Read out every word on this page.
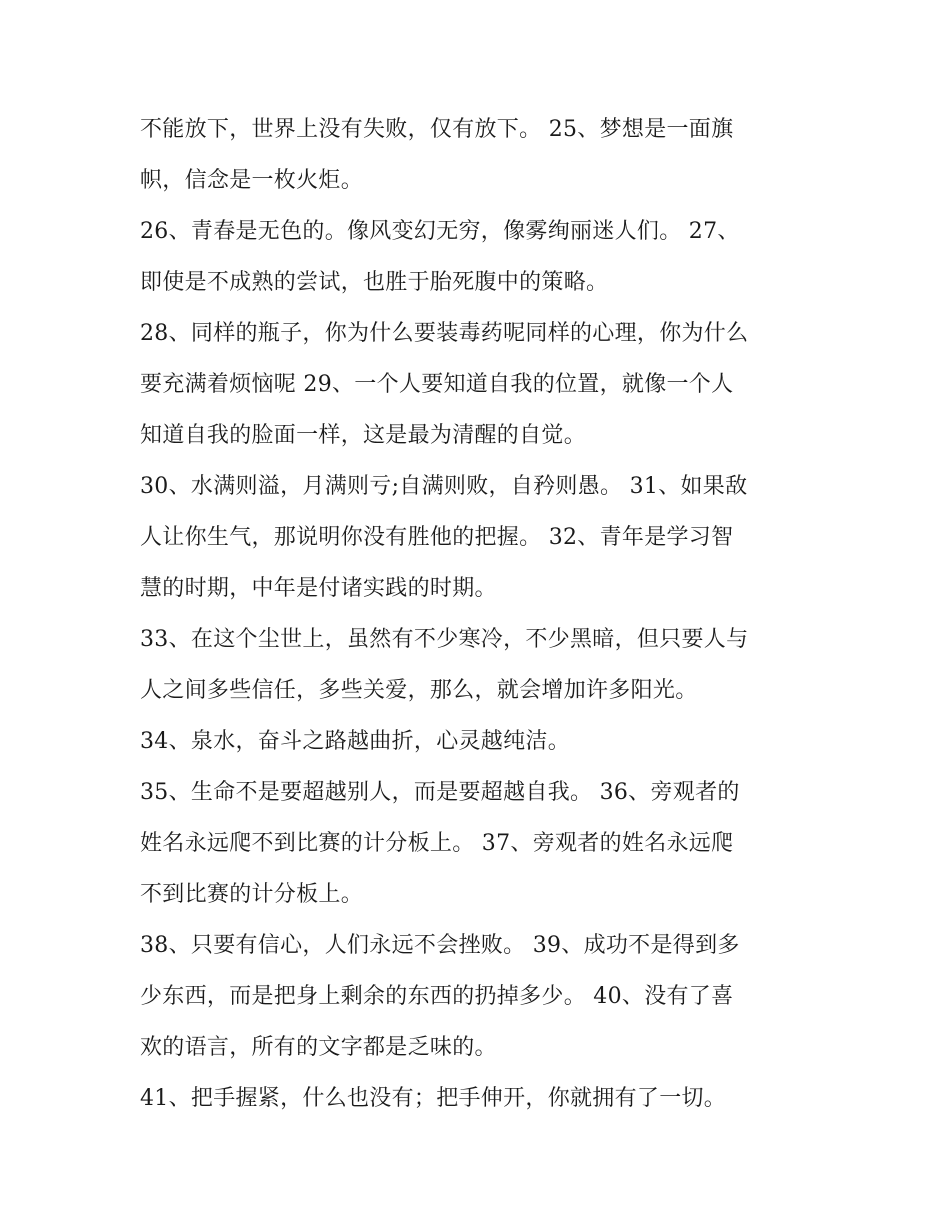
不能放下，世界上没有失败，仅有放下。 25、梦想是一面旗
帜，信念是一枚火炬。
26、青春是无色的。像风变幻无穷，像雾绚丽迷人们。 27、
即使是不成熟的尝试，也胜于胎死腹中的策略。
28、同样的瓶子，你为什么要装毒药呢同样的心理，你为什么
要充满着烦恼呢 29、一个人要知道自我的位置，就像一个人
知道自我的脸面一样，这是最为清醒的自觉。
30、水满则溢，月满则亏;自满则败，自矜则愚。 31、如果敌
人让你生气，那说明你没有胜他的把握。 32、青年是学习智
慧的时期，中年是付诸实践的时期。
33、在这个尘世上，虽然有不少寒冷，不少黑暗，但只要人与
人之间多些信任，多些关爱，那么，就会增加许多阳光。
34、泉水，奋斗之路越曲折，心灵越纯洁。
35、生命不是要超越别人，而是要超越自我。 36、旁观者的
姓名永远爬不到比赛的计分板上。 37、旁观者的姓名永远爬
不到比赛的计分板上。
38、只要有信心，人们永远不会挫败。 39、成功不是得到多
少东西，而是把身上剩余的东西的扔掉多少。 40、没有了喜
欢的语言，所有的文字都是乏味的。
41、把手握紧，什么也没有；把手伸开，你就拥有了一切。
